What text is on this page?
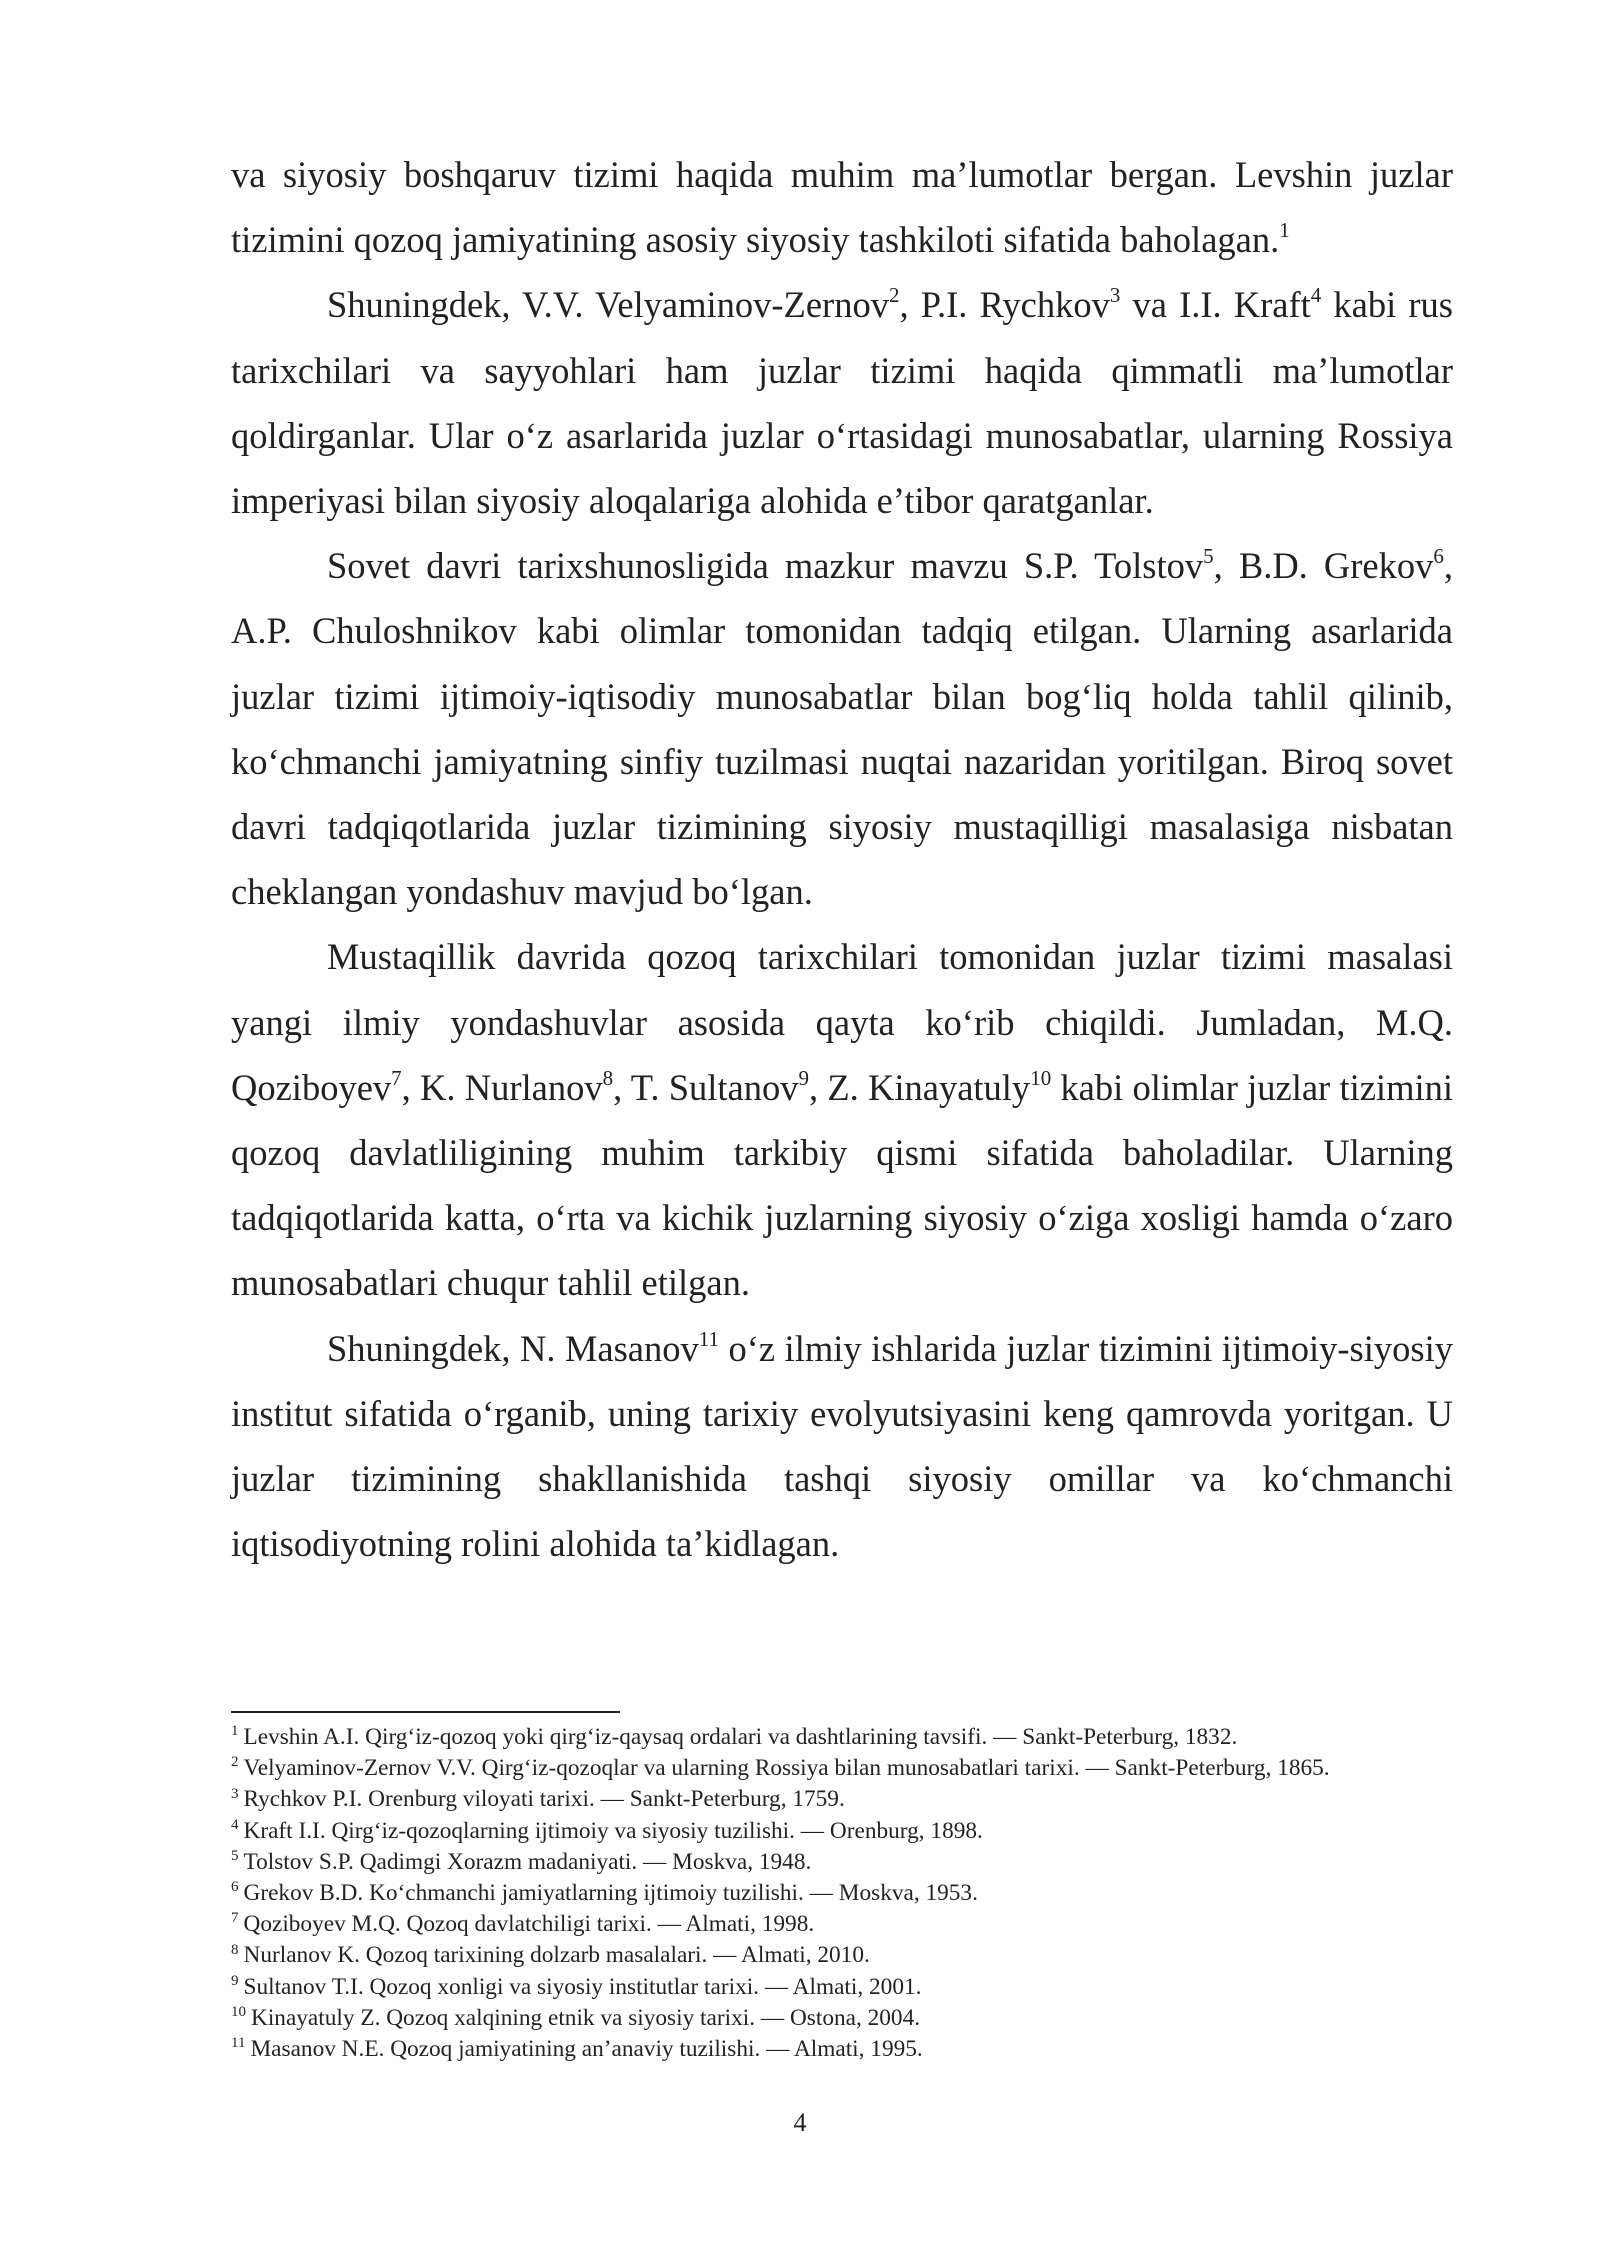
va siyosiy boshqaruv tizimi haqida muhim ma’lumotlar bergan. Levshin juzlar tizimini qozoq jamiyatining asosiy siyosiy tashkiloti sifatida baholagan.$^1$

Shuningdek, V.V. Velyaminov-Zernov$^2$, P.I. Rychkov$^3$ va I.I. Kraft$^4$ kabi rus tarixchilari va sayyohlari ham juzlar tizimi haqida qimmatli ma’lumotlar qoldirganlar. Ular o‘z asarlarida juzlar o‘rtasidagi munosabatlar, ularning Rossiya imperiyasi bilan siyosiy aloqalariga alohida e’tibor qaratganlar.

Sovet davri tarixshunosligida mazkur mavzu S.P. Tolstov$^5$, B.D. Grekov$^6$, A.P. Chuloshnikov kabi olimlar tomonidan tadqiq etilgan. Ularning asarlarida juzlar tizimi ijtimoiy-iqtisodiy munosabatlar bilan bog‘liq holda tahlil qilinib, ko‘chmanchi jamiyatning sinfiy tuzilmasi nuqtai nazaridan yoritilgan. Biroq sovet davri tadqiqotlarida juzlar tizimining siyosiy mustaqilligi masalasiga nisbatan cheklangan yondashuv mavjud bo‘lgan.

Mustaqillik davrida qozoq tarixchilari tomonidan juzlar tizimi masalasi yangi ilmiy yondashuvlar asosida qayta ko‘rib chiqildi. Jumladan, M.Q. Qoziboyev$^7$, K. Nurlanov$^8$, T. Sultanov$^9$, Z. Kinayatuly$^{10}$ kabi olimlar juzlar tizimini qozoq davlatliligining muhim tarkibiy qismi sifatida baholadilar. Ularning tadqiqotlarida katta, o‘rta va kichik juzlarning siyosiy o‘ziga xosligi hamda o‘zaro munosabatlari chuqur tahlil etilgan.

Shuningdek, N. Masanov$^{11}$ o‘z ilmiy ishlarida juzlar tizimini ijtimoiy-siyosiy institut sifatida o‘rganib, uning tarixiy evolyutsiyasini keng qamrovda yoritgan. U juzlar tizimining shakllanishida tashqi siyosiy omillar va ko‘chmanchi iqtisodiyotning rolini alohida ta’kidlagan.

$^1$ Levshin A.I. Qirg‘iz-qozoq yoki qirg‘iz-qaysaq ordalari va dashtlarining tavsifi. — Sankt-Peterburg, 1832.
$^2$ Velyaminov-Zernov V.V. Qirg‘iz-qozoqlar va ularning Rossiya bilan munosabatlari tarixi. — Sankt-Peterburg, 1865.
$^3$ Rychkov P.I. Orenburg viloyati tarixi. — Sankt-Peterburg, 1759.
$^4$ Kraft I.I. Qirg‘iz-qozoqlarning ijtimoiy va siyosiy tuzilishi. — Orenburg, 1898.
$^5$ Tolstov S.P. Qadimgi Xorazm madaniyati. — Moskva, 1948.
$^6$ Grekov B.D. Ko‘chmanchi jamiyatlarning ijtimoiy tuzilishi. — Moskva, 1953.
$^7$ Qoziboyev M.Q. Qozoq davlatchiligi tarixi. — Almati, 1998.
$^8$ Nurlanov K. Qozoq tarixining dolzarb masalalari. — Almati, 2010.
$^9$ Sultanov T.I. Qozoq xonligi va siyosiy institutlar tarixi. — Almati, 2001.
$^{10}$ Kinayatuly Z. Qozoq xalqining etnik va siyosiy tarixi. — Ostona, 2004.
$^{11}$ Masanov N.E. Qozoq jamiyatining an’anaviy tuzilishi. — Almati, 1995.
4
